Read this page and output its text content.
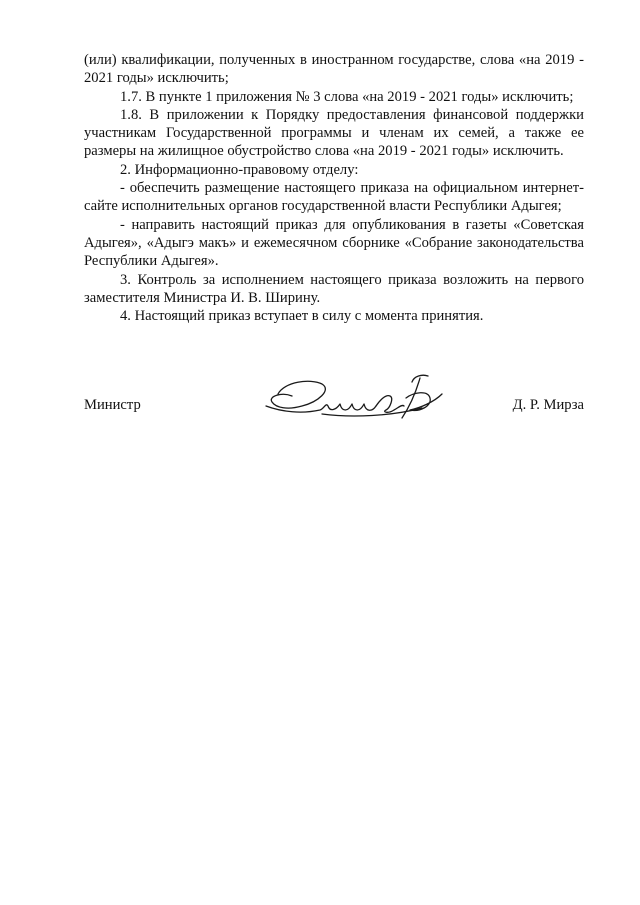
(или) квалификации, полученных в иностранном государстве, слова «на 2019 - 2021 годы» исключить;

1.7. В пункте 1 приложения № 3 слова «на 2019 - 2021 годы» исключить;

1.8. В приложении к Порядку предоставления финансовой поддержки участникам Государственной программы и членам их семей, а также ее размеры на жилищное обустройство слова «на 2019 - 2021 годы» исключить.

2. Информационно-правовому отделу:

- обеспечить размещение настоящего приказа на официальном интернет-сайте исполнительных органов государственной власти Республики Адыгея;

- направить настоящий приказ для опубликования в газеты «Советская Адыгея», «Адыгэ макъ» и ежемесячном сборнике «Собрание законодательства Республики Адыгея».

3. Контроль за исполнением настоящего приказа возложить на первого заместителя Министра И. В. Ширину.

4. Настоящий приказ вступает в силу с момента принятия.

Министр	Д. Р. Мирза
